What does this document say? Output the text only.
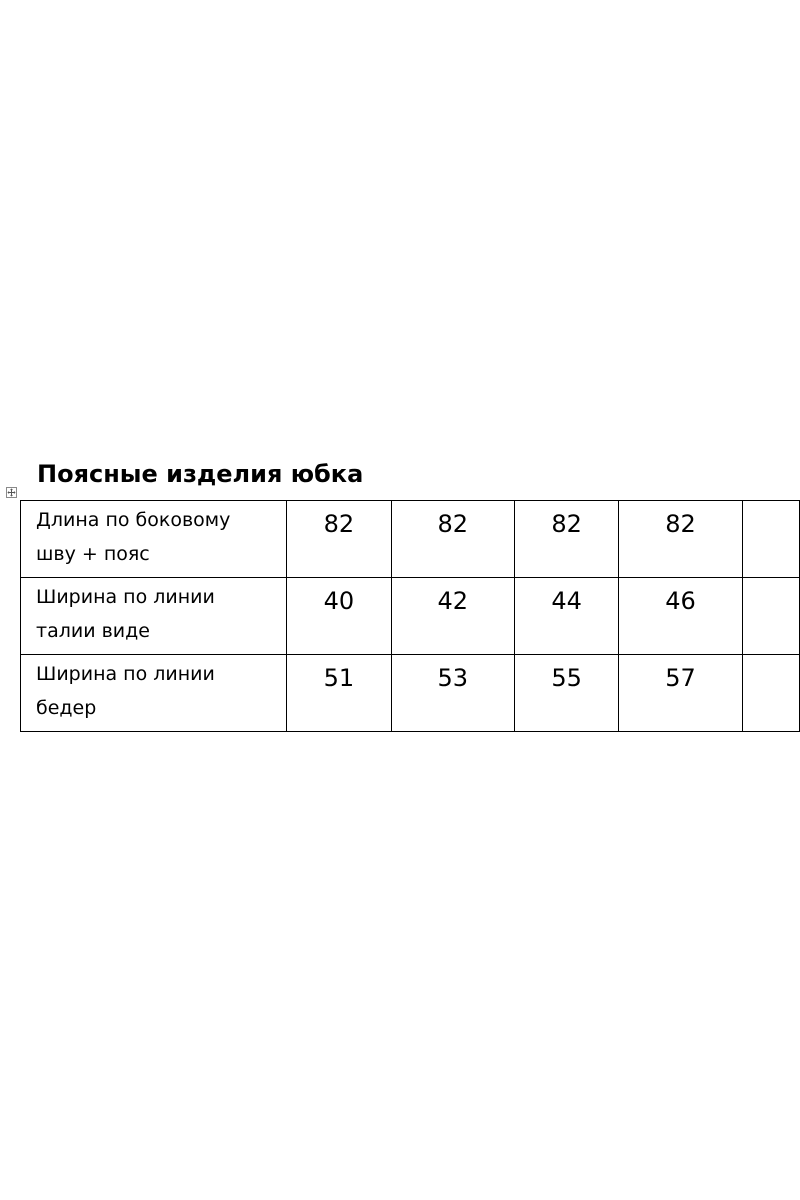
Поясные изделия юбка
Длина по боковому
шву + пояс	82	82	82	82	
Ширина по линии
талии виде	40	42	44	46	
Ширина по линии
бедер	51	53	55	57	
